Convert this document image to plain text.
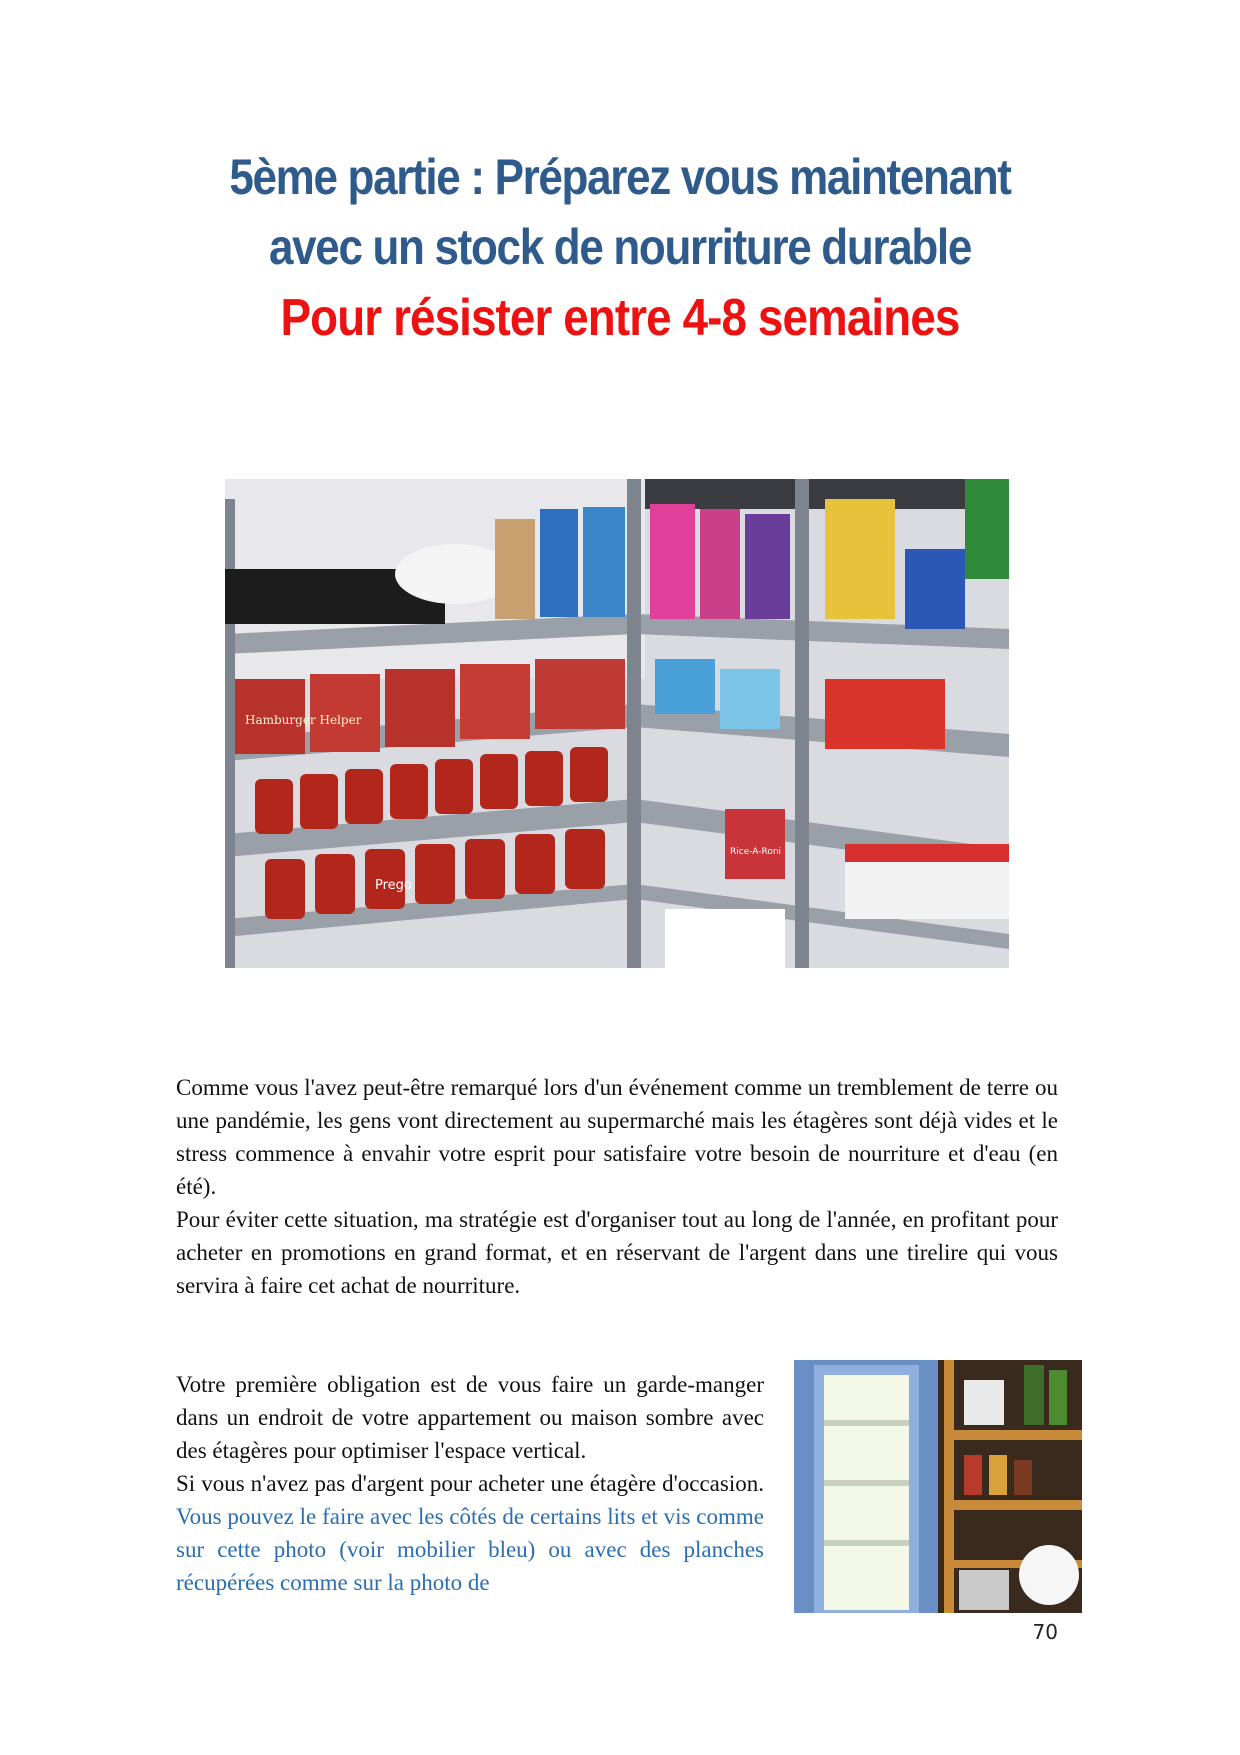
5ème partie : Préparez vous maintenant
avec un stock de nourriture durable
Pour résister entre 4-8 semaines
Hamburger Helper
Prego
Rice-A-Roni

Comme vous l'avez peut-être remarqué lors d'un événement comme un tremblement de terre ou une pandémie, les gens vont directement au supermarché mais les étagères sont déjà vides et le stress commence à envahir votre esprit pour satisfaire votre besoin de nourriture et d'eau (en été).

Pour éviter cette situation, ma stratégie est d'organiser tout au long de l'année, en profitant pour acheter en promotions en grand format, et en réservant de l'argent dans une tirelire qui vous servira à faire cet achat de nourriture.

Votre première obligation est de vous faire un garde-manger dans un endroit de votre appartement ou maison sombre avec des étagères pour optimiser l'espace vertical.
Si vous n'avez pas d'argent pour acheter une étagère d'occasion. Vous pouvez le faire avec les côtés de certains lits et vis comme sur cette photo (voir mobilier bleu) ou avec des planches récupérées comme sur la photo de

70
